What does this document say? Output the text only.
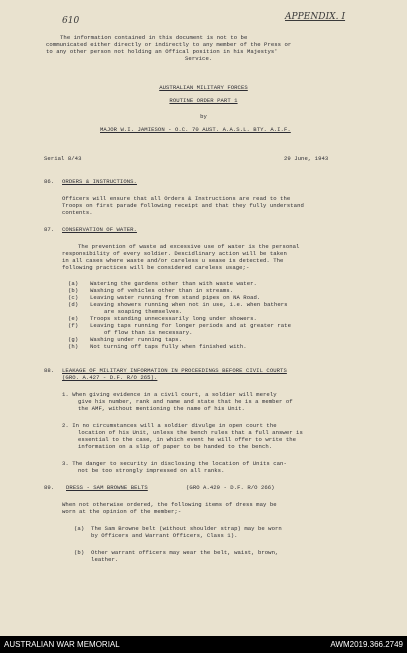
610	APPENDIX. I
The information contained in this document is not to be
communicated either directly or indirectly to any member of the Press or
to any other person not holding an Offical position in his Majestys'
Service.
AUSTRALIAN MILITARY FORCES
ROUTINE ORDER PART 1
by
MAJOR W.I. JAMIESON - O.C. 70 AUST. A.A.S.L. BTY. A.I.F.
Serial 8/43	29 June, 1943
86. ORDERS & INSTRUCTIONS.
Officers will ensure that all Orders & Instructions are read to the
Troops on first parade following receipt and that they fully understand
contents.
87. CONSERVATION OF WATER.
The prevention of waste ad excessive use of water is the personal
responsibility of every soldier. Descidlinary action will be taken
in all cases where waste and/or careless u sease is detected. The
following practices will be considered careless usage;-
(a) Watering the gardens other than with waste water.
(b) Washing of vehicles other than in streams.
(c) Leaving water running from stand pipes on NA Road.
(d) Leaving showers running when not in use, i.e. when bathers
are soaping themselves.
(e) Troops standing unnecessarily long under showers.
(f) Leaving taps running for longer periods and at greater rate
of flow than is necessary.
(g) Washing under running taps.
(h) Not turning off taps fully when finished with.
88. LEAKAGE OF MILITARY INFORMATION IN PROCEEDINGS BEFORE CIVIL COURTS
(GRO. A.427 - D.F. R/O 265).
1. When giving evidence in a civil court, a soldier will merely
give his number, rank and name and state that he is a member of
the AMF, without mentioning the name of his Unit.
2. In no circumstances will a soldier divulge in open court the
location of his Unit, unless the bench rules that a full answer is
essential to the case, in which event he will offer to write the
information on a slip of paper to be handed to the bench.
3. The danger to security in disclosing the location of Units can-
not be too strongly impressed on all ranks.
89. DRESS - SAM BROWNE BELTS	(GRO A.429 - D.F. R/O 266)
When not otherwise ordered, the following items of dress may be
worn at the opinion of the member;-
(a)  The Sam Browne belt (without shoulder strap) may be worn
by Officers and Warrant Officers, Class 1).
(b)  Other warrant officers may wear the belt, waist, brown,
leather.
AUSTRALIAN WAR MEMORIAL	AWM2019.366.2749
